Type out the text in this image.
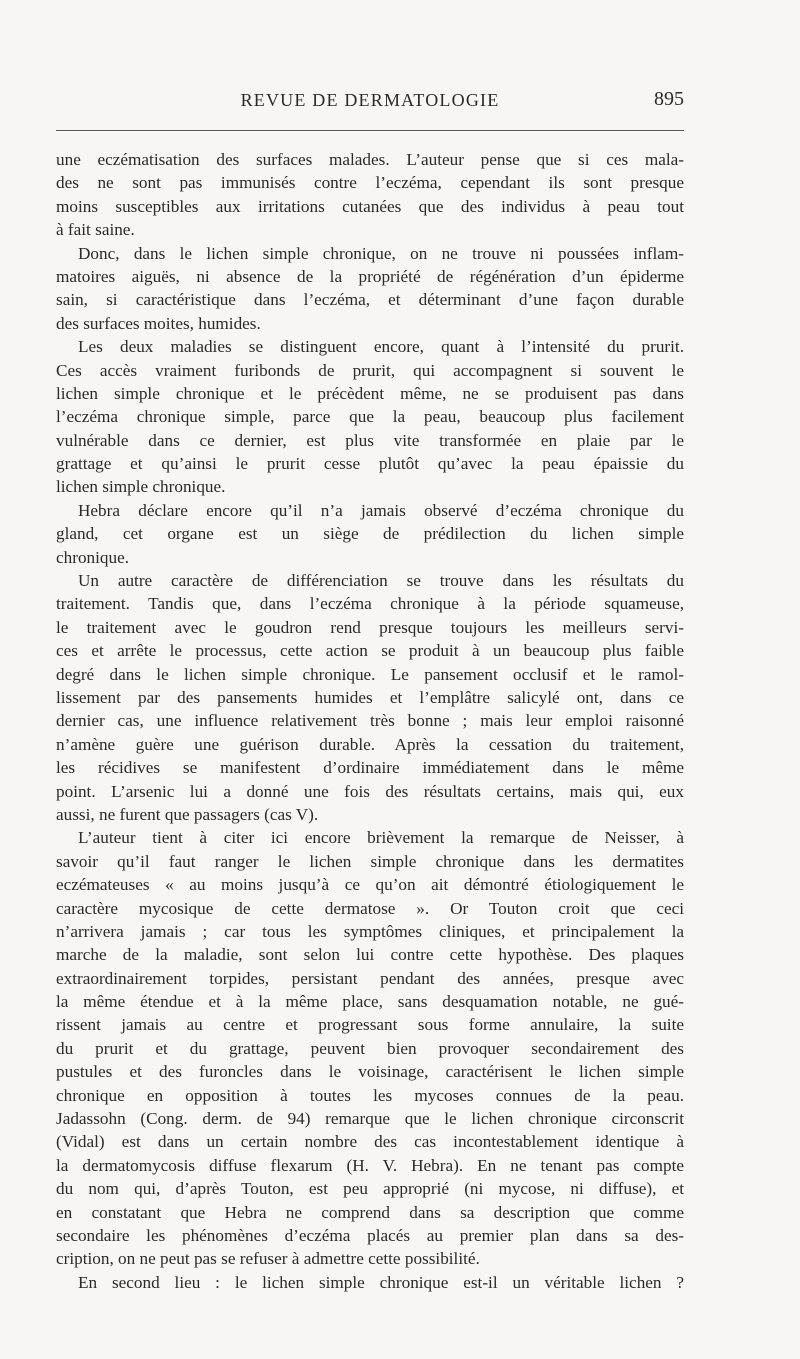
REVUE DE DERMATOLOGIE	895
une eczématisation des surfaces malades. L’auteur pense que si ces mala-
des ne sont pas immunisés contre l’eczéma, cependant ils sont presque
moins susceptibles aux irritations cutanées que des individus à peau tout
à fait saine.
Donc, dans le lichen simple chronique, on ne trouve ni poussées inflam-
matoires aiguës, ni absence de la propriété de régénération d’un épiderme
sain, si caractéristique dans l’eczéma, et déterminant d’une façon durable
des surfaces moites, humides.
Les deux maladies se distinguent encore, quant à l’intensité du prurit.
Ces accès vraiment furibonds de prurit, qui accompagnent si souvent le
lichen simple chronique et le précèdent même, ne se produisent pas dans
l’eczéma chronique simple, parce que la peau, beaucoup plus facilement
vulnérable dans ce dernier, est plus vite transformée en plaie par le
grattage et qu’ainsi le prurit cesse plutôt qu’avec la peau épaissie du
lichen simple chronique.
Hebra déclare encore qu’il n’a jamais observé d’eczéma chronique du
gland, cet organe est un siège de prédilection du lichen simple
chronique.
Un autre caractère de différenciation se trouve dans les résultats du
traitement. Tandis que, dans l’eczéma chronique à la période squameuse,
le traitement avec le goudron rend presque toujours les meilleurs servi-
ces et arrête le processus, cette action se produit à un beaucoup plus faible
degré dans le lichen simple chronique. Le pansement occlusif et le ramol-
lissement par des pansements humides et l’emplâtre salicylé ont, dans ce
dernier cas, une influence relativement très bonne ; mais leur emploi raisonné
n’amène guère une guérison durable. Après la cessation du traitement,
les récidives se manifestent d’ordinaire immédiatement dans le même
point. L’arsenic lui a donné une fois des résultats certains, mais qui, eux
aussi, ne furent que passagers (cas V).
L’auteur tient à citer ici encore brièvement la remarque de Neisser, à
savoir qu’il faut ranger le lichen simple chronique dans les dermatites
eczémateuses « au moins jusqu’à ce qu’on ait démontré étiologiquement le
caractère mycosique de cette dermatose ». Or Touton croit que ceci
n’arrivera jamais ; car tous les symptômes cliniques, et principalement la
marche de la maladie, sont selon lui contre cette hypothèse. Des plaques
extraordinairement torpides, persistant pendant des années, presque avec
la même étendue et à la même place, sans desquamation notable, ne gué-
rissent jamais au centre et progressant sous forme annulaire, la suite
du prurit et du grattage, peuvent bien provoquer secondairement des
pustules et des furoncles dans le voisinage, caractérisent le lichen simple
chronique en opposition à toutes les mycoses connues de la peau.
Jadassohn (Cong. derm. de 94) remarque que le lichen chronique circonscrit
(Vidal) est dans un certain nombre des cas incontestablement identique à
la dermatomycosis diffuse flexarum (H. V. Hebra). En ne tenant pas compte
du nom qui, d’après Touton, est peu approprié (ni mycose, ni diffuse), et
en constatant que Hebra ne comprend dans sa description que comme
secondaire les phénomènes d’eczéma placés au premier plan dans sa des-
cription, on ne peut pas se refuser à admettre cette possibilité.
En second lieu : le lichen simple chronique est-il un véritable lichen ?
